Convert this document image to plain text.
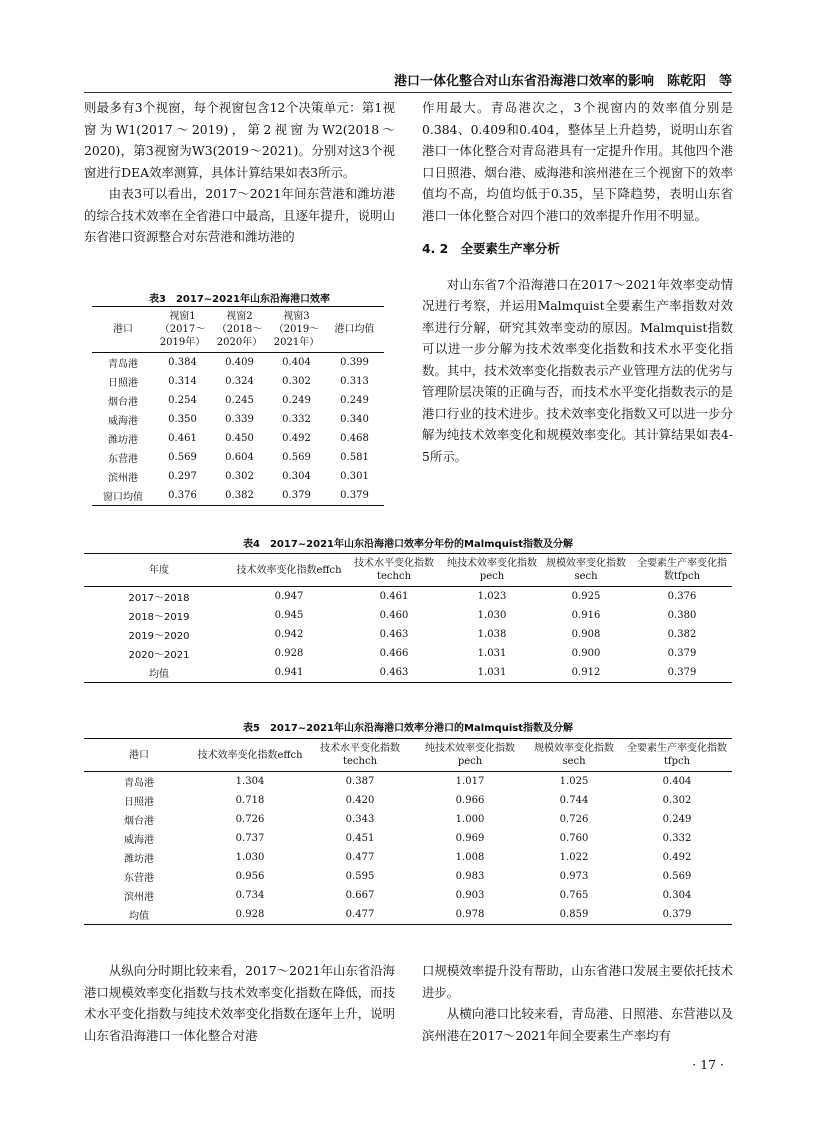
港口一体化整合对山东省沿海港口效率的影响　陈乾阳　等

则最多有3个视窗，每个视窗包含12个决策单元：第1视窗为W1(2017～2019)，第2视窗为W2(2018～2020)，第3视窗为W3(2019～2021)。分别对这3个视窗进行DEA效率测算，具体计算结果如表3所示。

由表3可以看出，2017～2021年间东营港和潍坊港的综合技术效率在全省港口中最高，且逐年提升，说明山东省港口资源整合对东营港和潍坊港的

作用最大。青岛港次之，3个视窗内的效率值分别是0.384、0.409和0.404，整体呈上升趋势，说明山东省港口一体化整合对青岛港具有一定提升作用。其他四个港口日照港、烟台港、威海港和滨州港在三个视窗下的效率值均不高，均值均低于0.35，呈下降趋势，表明山东省港口一体化整合对四个港口的效率提升作用不明显。

4. 2　全要素生产率分析

对山东省7个沿海港口在2017～2021年效率变动情况进行考察，并运用Malmquist全要素生产率指数对效率进行分解，研究其效率变动的原因。Malmquist指数可以进一步分解为技术效率变化指数和技术水平变化指数。其中，技术效率变化指数表示产业管理方法的优劣与管理阶层决策的正确与否，而技术水平变化指数表示的是港口行业的技术进步。技术效率变化指数又可以进一步分解为纯技术效率变化和规模效率变化。其计算结果如表4-5所示。

表3　2017~2021年山东沿海港口效率
港口	视窗1（2017～2019年）	视窗2（2018～2020年）	视窗3（2019～2021年）	港口均值
青岛港	0.384	0.409	0.404	0.399
日照港	0.314	0.324	0.302	0.313
烟台港	0.254	0.245	0.249	0.249
威海港	0.350	0.339	0.332	0.340
潍坊港	0.461	0.450	0.492	0.468
东营港	0.569	0.604	0.569	0.581
滨州港	0.297	0.302	0.304	0.301
窗口均值	0.376	0.382	0.379	0.379
表4　2017~2021年山东沿海港口效率分年份的Malmquist指数及分解
年度	技术效率变化指数effch	技术水平变化指数techch	纯技术效率变化指数pech	规模效率变化指数sech	全要素生产率变化指数tfpch
2017～2018	0.947	0.461	1.023	0.925	0.376
2018～2019	0.945	0.460	1.030	0.916	0.380
2019～2020	0.942	0.463	1.038	0.908	0.382
2020～2021	0.928	0.466	1.031	0.900	0.379
均值	0.941	0.463	1.031	0.912	0.379
表5　2017~2021年山东沿海港口效率分港口的Malmquist指数及分解
港口	技术效率变化指数effch	技术水平变化指数techch	纯技术效率变化指数pech	规模效率变化指数sech	全要素生产率变化指数tfpch
青岛港	1.304	0.387	1.017	1.025	0.404
日照港	0.718	0.420	0.966	0.744	0.302
烟台港	0.726	0.343	1.000	0.726	0.249
威海港	0.737	0.451	0.969	0.760	0.332
潍坊港	1.030	0.477	1.008	1.022	0.492
东营港	0.956	0.595	0.983	0.973	0.569
滨州港	0.734	0.667	0.903	0.765	0.304
均值	0.928	0.477	0.978	0.859	0.379

从纵向分时期比较来看，2017～2021年山东省沿海港口规模效率变化指数与技术效率变化指数在降低，而技术水平变化指数与纯技术效率变化指数在逐年上升，说明山东省沿海港口一体化整合对港

口规模效率提升没有帮助，山东省港口发展主要依托技术进步。

从横向港口比较来看，青岛港、日照港、东营港以及滨州港在2017～2021年间全要素生产率均有

· 17 ·
